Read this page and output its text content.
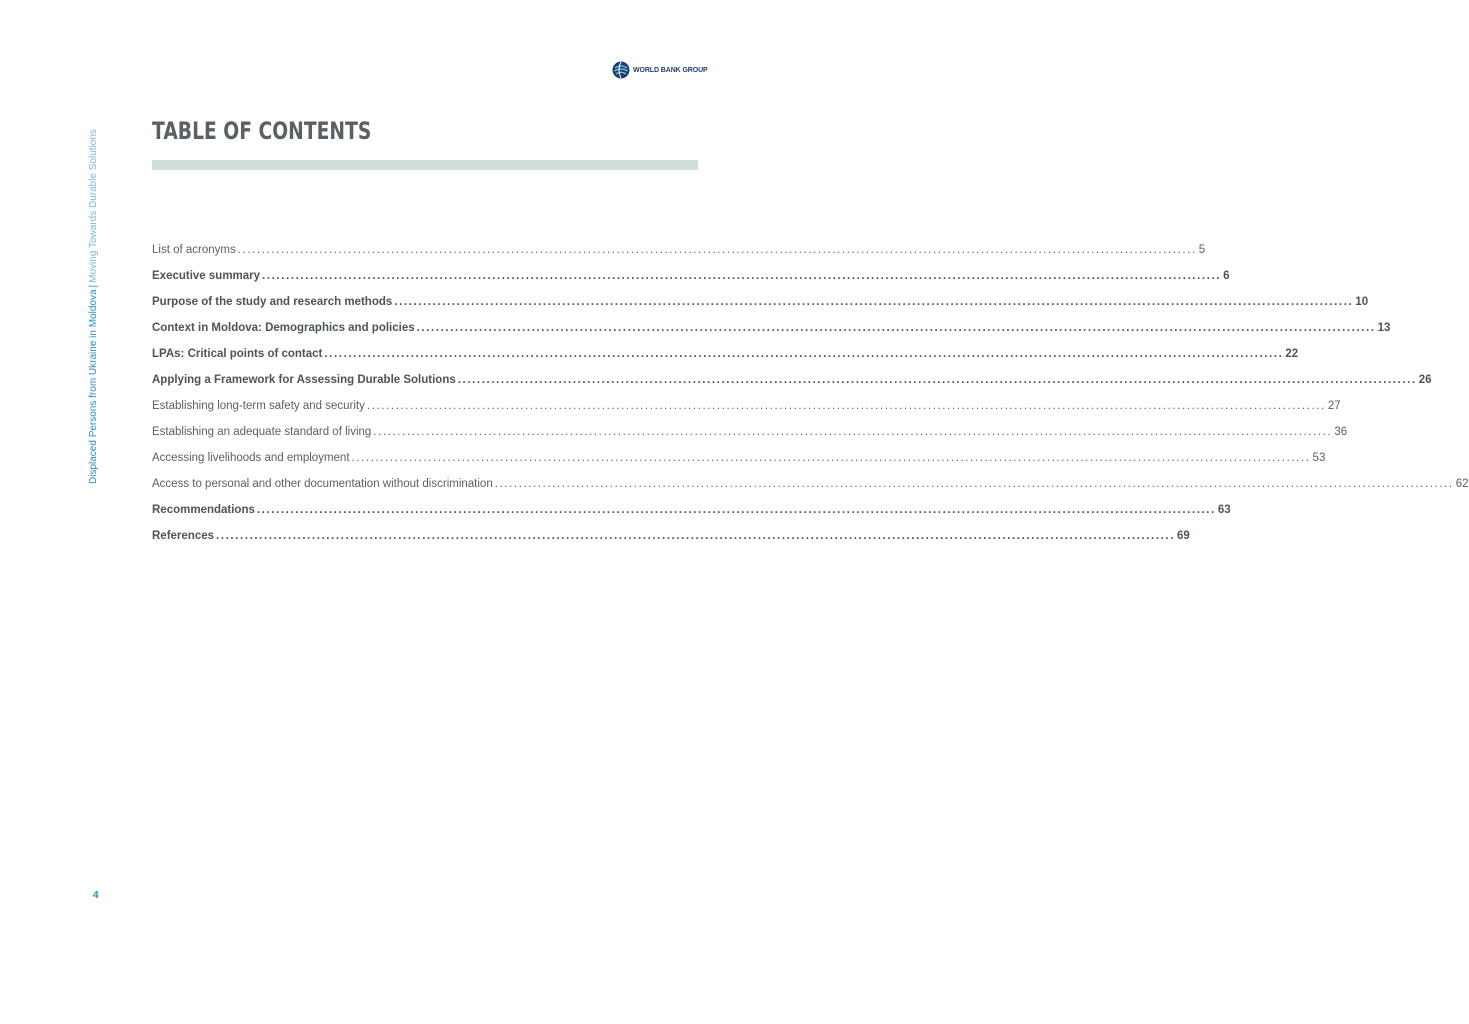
WORLD BANK GROUP
Displaced Persons from Ukraine in Moldova|Moving Towards Durable Solutions TABLE OF CONTENTS
List of acronyms ........................................................................................................................................................................................................ 5
Executive summary ........................................................................................................................................................................................................ 6
Purpose of the study and research methods ........................................................................................................................................................................................................ 10
Context in Moldova: Demographics and policies ........................................................................................................................................................................................................ 13
LPAs: Critical points of contact ........................................................................................................................................................................................................ 22
Applying a Framework for Assessing Durable Solutions ........................................................................................................................................................................................................ 26
Establishing long-term safety and security ........................................................................................................................................................................................................ 27
Establishing an adequate standard of living ........................................................................................................................................................................................................ 36
Accessing livelihoods and employment ........................................................................................................................................................................................................ 53
Access to personal and other documentation without discrimination ........................................................................................................................................................................................................ 62
Recommendations ........................................................................................................................................................................................................ 63
References ........................................................................................................................................................................................................ 69
4
